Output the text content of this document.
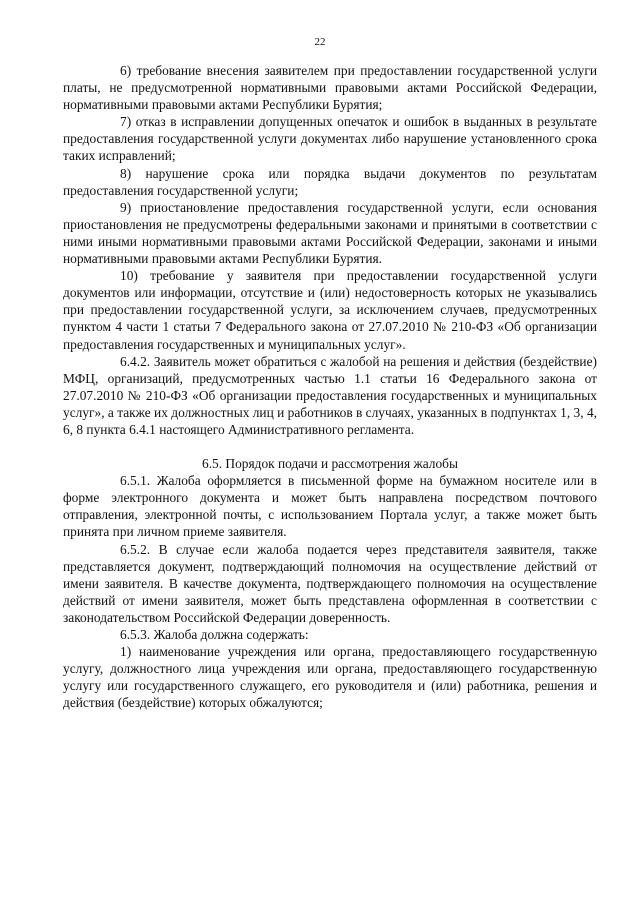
22

6) требование внесения заявителем при предоставлении государственной услуги платы, не предусмотренной нормативными правовыми актами Российской Федерации, нормативными правовыми актами Республики Бурятия;

7) отказ в исправлении допущенных опечаток и ошибок в выданных в результате предоставления государственной услуги документах либо нарушение установленного срока таких исправлений;

8) нарушение срока или порядка выдачи документов по результатам предоставления государственной услуги;

9) приостановление предоставления государственной услуги, если основания приостановления не предусмотрены федеральными законами и принятыми в соответствии с ними иными нормативными правовыми актами Российской Федерации, законами и иными нормативными правовыми актами Республики Бурятия.

10) требование у заявителя при предоставлении государственной услуги документов или информации, отсутствие и (или) недостоверность которых не указывались при предоставлении государственной услуги, за исключением случаев, предусмотренных пунктом 4 части 1 статьи 7 Федерального закона от 27.07.2010 № 210-ФЗ «Об организации предоставления государственных и муниципальных услуг».

6.4.2. Заявитель может обратиться с жалобой на решения и действия (бездействие) МФЦ, организаций, предусмотренных частью 1.1 статьи 16 Федерального закона от 27.07.2010 № 210-ФЗ «Об организации предоставления государственных и муниципальных услуг», а также их должностных лиц и работников в случаях, указанных в подпунктах 1, 3, 4, 6, 8 пункта 6.4.1 настоящего Административного регламента.

6.5. Порядок подачи и рассмотрения жалобы

6.5.1. Жалоба оформляется в письменной форме на бумажном носителе или в форме электронного документа и может быть направлена посредством почтового отправления, электронной почты, с использованием Портала услуг, а также может быть принята при личном приеме заявителя.

6.5.2. В случае если жалоба подается через представителя заявителя, также представляется документ, подтверждающий полномочия на осуществление действий от имени заявителя. В качестве документа, подтверждающего полномочия на осуществление действий от имени заявителя, может быть представлена оформленная в соответствии с законодательством Российской Федерации доверенность.

6.5.3. Жалоба должна содержать:

1) наименование учреждения или органа, предоставляющего государственную услугу, должностного лица учреждения или органа, предоставляющего государственную услугу или государственного служащего, его руководителя и (или) работника, решения и действия (бездействие) которых обжалуются;
